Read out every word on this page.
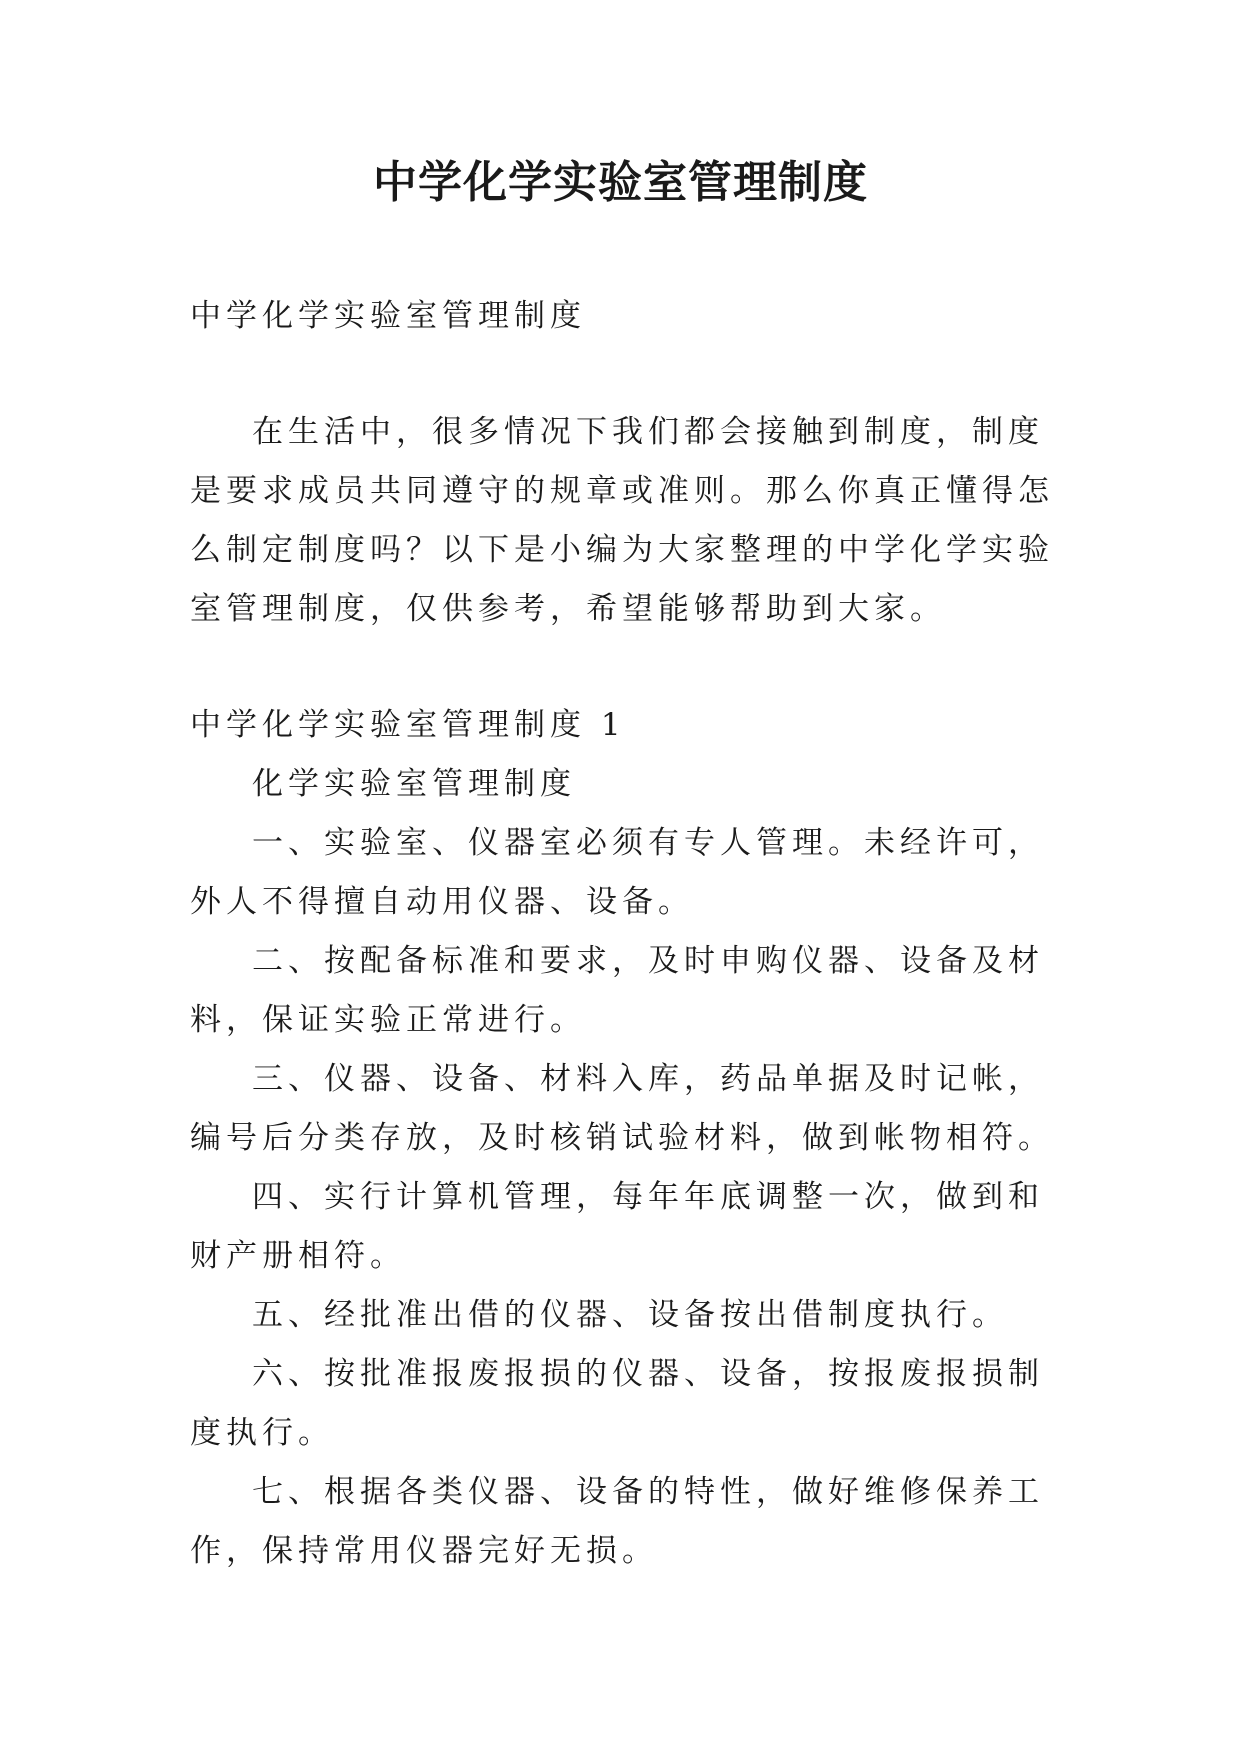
中学化学实验室管理制度

中学化学实验室管理制度

在生活中，很多情况下我们都会接触到制度，制度是要求成员共同遵守的规章或准则。那么你真正懂得怎么制定制度吗？以下是小编为大家整理的中学化学实验室管理制度，仅供参考，希望能够帮助到大家。

中学化学实验室管理制度 1

化学实验室管理制度

一、实验室、仪器室必须有专人管理。未经许可，外人不得擅自动用仪器、设备。

二、按配备标准和要求，及时申购仪器、设备及材料，保证实验正常进行。

三、仪器、设备、材料入库，药品单据及时记帐，编号后分类存放，及时核销试验材料，做到帐物相符。

四、实行计算机管理，每年年底调整一次，做到和财产册相符。

五、经批准出借的仪器、设备按出借制度执行。

六、按批准报废报损的仪器、设备，按报废报损制度执行。

七、根据各类仪器、设备的特性，做好维修保养工作，保持常用仪器完好无损。
